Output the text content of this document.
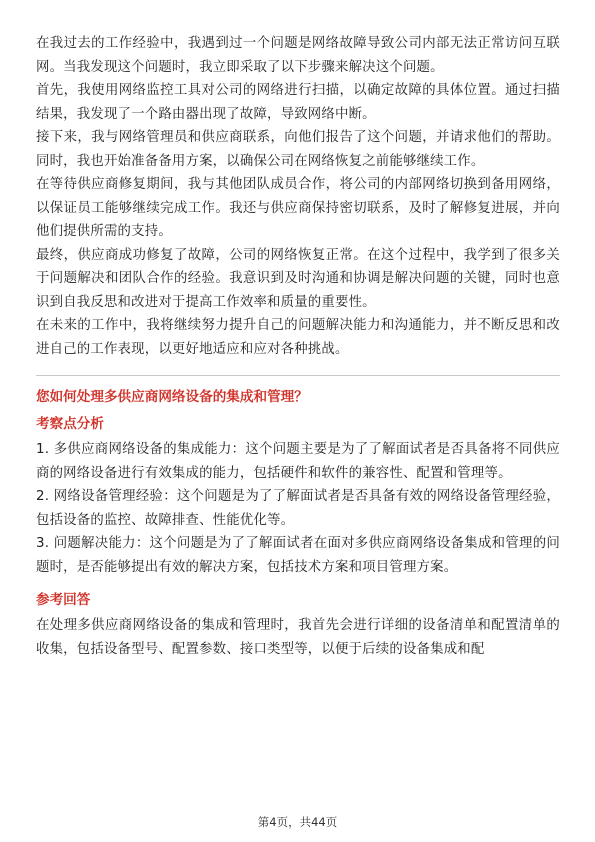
在我过去的工作经验中，我遇到过一个问题是网络故障导致公司内部无法正常访问互联网。当我发现这个问题时，我立即采取了以下步骤来解决这个问题。

首先，我使用网络监控工具对公司的网络进行扫描，以确定故障的具体位置。通过扫描结果，我发现了一个路由器出现了故障，导致网络中断。

接下来，我与网络管理员和供应商联系，向他们报告了这个问题，并请求他们的帮助。同时，我也开始准备备用方案，以确保公司在网络恢复之前能够继续工作。

在等待供应商修复期间，我与其他团队成员合作，将公司的内部网络切换到备用网络，以保证员工能够继续完成工作。我还与供应商保持密切联系，及时了解修复进展，并向他们提供所需的支持。

最终，供应商成功修复了故障，公司的网络恢复正常。在这个过程中，我学到了很多关于问题解决和团队合作的经验。我意识到及时沟通和协调是解决问题的关键，同时也意识到自我反思和改进对于提高工作效率和质量的重要性。

在未来的工作中，我将继续努力提升自己的问题解决能力和沟通能力，并不断反思和改进自己的工作表现，以更好地适应和应对各种挑战。

您如何处理多供应商网络设备的集成和管理？
考察点分析

1. 多供应商网络设备的集成能力：这个问题主要是为了了解面试者是否具备将不同供应商的网络设备进行有效集成的能力，包括硬件和软件的兼容性、配置和管理等。

2. 网络设备管理经验：这个问题是为了了解面试者是否具备有效的网络设备管理经验，包括设备的监控、故障排查、性能优化等。

3. 问题解决能力：这个问题是为了了解面试者在面对多供应商网络设备集成和管理的问题时，是否能够提出有效的解决方案，包括技术方案和项目管理方案。

参考回答

在处理多供应商网络设备的集成和管理时，我首先会进行详细的设备清单和配置清单的收集，包括设备型号、配置参数、接口类型等，以便于后续的设备集成和配

第4页，共44页
